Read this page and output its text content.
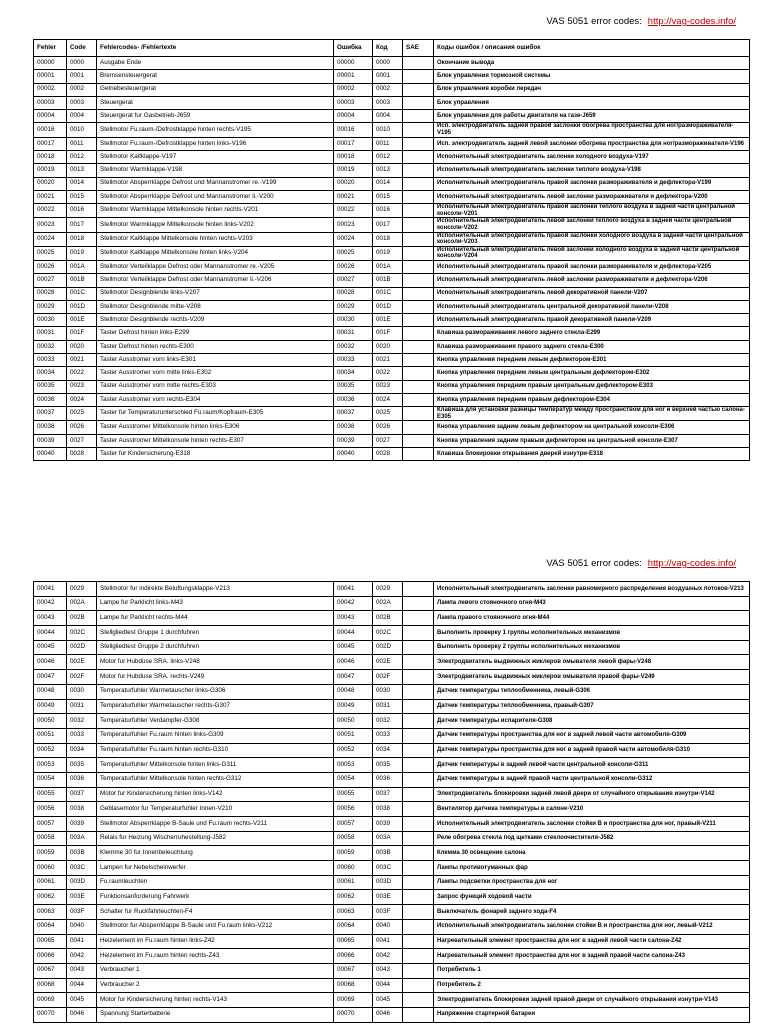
VAS 5051 error codes: http://vag-codes.info/
Fehler	Code	Fehlercodes- /Fehlertexte	Ошибка	Код	SAE	Коды ошибок / описания ошибок
00000	0000	Ausgabe Ende	00000	0000		Окончание вывода
00001	0001	Bremsensteuergerat	00001	0001		Блок управления тормозной системы
00002	0002	Getriebesteuergerat	00002	0002		Блок управления коробки передач
00003	0003	Steuergerat	00003	0003		Блок управления
00004	0004	Steuergerat fur Gasbetrieb-J659	00004	0004		Блок управления для работы двигателя на газе-J659
00016	0010	Stellmotor Fu.raum-/Defrostklappe hinten rechts-V195	00016	0010		Исп. электродвигатель задней правой заслонки обогрева пространства для ног/размораживателя-V195
00017	0011	Stellmotor Fu.raum-/Defrostklappe hinten links-V196	00017	0011		Исп. электродвигатель задней левой заслонки обогрева пространства для ног/размораживателя-V196
00018	0012	Stellmotor Kaltklappe-V197	00018	0012		Исполнительный электродвигатель заслонки холодного воздуха-V197
00019	0013	Stellmotor Warmklappe-V198	00019	0013		Исполнительный электродвигатель заслонки теплого воздуха-V198
00020	0014	Stellmotor Absperrklappe Defrost und Mannanstromer re.-V199	00020	0014		Исполнительный электродвигатель правой заслонки размораживателя и дефлектора-V199
00021	0015	Stellmotor Absperrklappe Defrost und Mannanstromer li.-V200	00021	0015		Исполнительный электродвигатель левой заслонки размораживателя и дефлектора-V200
00022	0016	Stellmotor Warmklappe Mittelkonsole hinten rechts-V201	00022	0016		Исполнительный электродвигатель правой заслонки теплого воздуха в задней части центральной консоли-V201
00023	0017	Stellmotor Warmklappe Mittelkonsole hinten links-V202	00023	0017		Исполнительный электродвигатель левой заслонки теплого воздуха в задней части центральной консоли-V202
00024	0018	Stellmotor Kaltklappe Mittelkonsole hinten rechts-V203	00024	0018		Исполнительный электродвигатель правой заслонки холодного воздуха в задней части центральной консоли-V203
00025	0019	Stellmotor Kaltklappe Mittelkonsole hinten links-V204	00025	0019		Исполнительный электродвигатель левой заслонки холодного воздуха в задней части центральной консоли-V204
00026	001A	Stellmotor Verteilklappe Defrost oder Mannanstromer re.-V205	00026	001A		Исполнительный электродвигатель правой заслонки размораживателя и дефлектора-V205
00027	001B	Stellmotor Verteilklappe Defrost oder Mannanstromer li.-V206	00027	001B		Исполнительный электродвигатель левой заслонки размораживателя и дефлектора-V206
00028	001C	Stellmotor Designblende links-V207	00028	001C		Исполнительный электродвигатель левой декоративной панели-V207
00029	001D	Stellmotor Designblende mitte-V208	00029	001D		Исполнительный электродвигатель центральной декоративной панели-V208
00030	001E	Stellmotor Designblende rechts-V209	00030	001E		Исполнительный электродвигатель правой декоративной панели-V209
00031	001F	Taster Defrost hinten links-E299	00031	001F		Клавиша размораживания левого заднего стекла-E299
00032	0020	Taster Defrost hinten rechts-E300	00032	0020		Клавиша размораживания правого заднего стекла-E300
00033	0021	Taster Ausstromer vorn links-E301	00033	0021		Кнопка управления передним левым дефлектором-E301
00034	0022	Taster Ausstromer vorn mitte links-E302	00034	0022		Кнопка управления передним левым центральным дефлектором-E302
00035	0023	Taster Ausstromer vorn mitte rechts-E303	00035	0023		Кнопка управления передним правым центральным дефлектором-E303
00036	0024	Taster Ausstromer vorn rechts-E304	00036	0024		Кнопка управления передним правым дефлектором-E304
00037	0025	Taster fur Temperaturunterschied Fu.raum/Kopfraum-E305	00037	0025		Клавиша для установки разницы температур между пространством для ног и верхней частью салона-E305
00038	0026	Taster Ausstromer Mittelkonsole hinten links-E306	00038	0026		Кнопка управления задним левым дефлектором на центральной консоли-E306
00039	0027	Taster Ausstromer Mittelkonsole hinten rechts-E307	00039	0027		Кнопка управления задним правым дефлектором на центральной консоли-E307
00040	0028	Taster fur Kindersicherung-E318	00040	0028		Клавиша блокировки открывания дверей изнутри-E318
VAS 5051 error codes: http://vag-codes.info/
00041	0029	Stellmotor fur indirekte Beluftungsklappe-V213	00041	0029		Исполнительный электродвигатель заслонки равномерного распределения воздушных потоков-V213
00042	002A	Lampe fur Parklicht links-M43	00042	002A		Лампа левого стояночного огня-M43
00043	002B	Lampe fur Parklicht rechts-M44	00043	002B		Лампа правого стояночного огня-M44
00044	002C	Stellgliedtest Gruppe 1 durchfuhren	00044	002C		Выполнить проверку 1 группы исполнительных механизмов
00045	002D	Stellgliedtest Gruppe 2 durchfuhren	00045	002D		Выполнить проверку 2 группы исполнительных механизмов
00046	002E	Motor fur Hubduse SRA. links-V248	00046	002E		Электродвигатель выдвижных жиклеров омывателя левой фары-V248
00047	002F	Motor fur Hubduse SRA. rechts-V249	00047	002F		Электродвигатель выдвижных жиклеров омывателя правой фары-V249
00048	0030	Temperaturfuhler Warmetauscher links-G306	00048	0030		Датчик температуры теплообменника, левый-G306
00049	0031	Temperaturfuhler Warmetauscher rechts-G307	00049	0031		Датчик температуры теплообменника, правый-G307
00050	0032	Temperaturfuhler Verdampfer-G308	00050	0032		Датчик температуры испарителя-G308
00051	0033	Temperaturfuhler Fu.raum hinten links-G309	00051	0033		Датчик температуры пространства для ног в задней левой части автомобиля-G309
00052	0034	Temperaturfuhler Fu.raum hinten rechts-G310	00052	0034		Датчик температуры пространства для ног в задней правой части автомобиля-G310
00053	0035	Temperaturfuhler Mittelkonsole hinten links-G311	00053	0035		Датчик температуры в задней левой части центральной консоли-G311
00054	0036	Temperaturfuhler Mittelkonsole hinten rechts-G312	00054	0036		Датчик температуры в задней правой части центральной консоли-G312
00055	0037	Motor fur Kindersicherung hinten links-V142	00055	0037		Электродвигатель блокировки задней левой двери от случайного открывания изнутри-V142
00056	0038	Geblasemotor fur Temperaturfuhler Innen-V210	00056	0038		Вентилятор датчика температуры в салоне-V210
00057	0039	Stellmotor Absperrklappe B-Saule und Fu.raum rechts-V211	00057	0039		Исполнительный электродвигатель заслонки стойки B и пространства для ног, правый-V211
00058	003A	Relais fur Heizung Wischerruhestellung-J582	00058	003A		Реле обогрева стекла под щетками стеклоочистителя-J582
00059	003B	Klemme 30 fur Innenbeleuchtung	00059	003B		Клемма 30 освещение салона
00060	003C	Lampen fur Nebelscheinwerfer	00060	003C		Лампы противотуманных фар
00061	003D	Fu.raumleuchten	00061	003D		Лампы подсветки пространства для ног
00062	003E	Funktionsanforderung Fahrwerk	00062	003E		Запрос функций ходовой части
00063	003F	Schalter fur Ruckfahrleuchten-F4	00063	003F		Выключатель фонарей заднего хода-F4
00064	0040	Stellmotor fur Absperrklappe B-Saule und Fu.raum links-V212	00064	0040		Исполнительный электродвигатель заслонки стойки B и пространства для ног, левый-V212
00065	0041	Heizelement im Fu.raum hinten links-Z42	00065	0041		Нагревательный элемент пространства для ног в задней левой части салона-Z42
00066	0042	Heizelement im Fu.raum hinten rechts-Z43	00066	0042		Нагревательный элемент пространства для ног в задней правой части салона-Z43
00067	0043	Verbraucher 1	00067	0043		Потребитель 1
00068	0044	Verbraucher 2	00068	0044		Потребитель 2
00069	0045	Motor fur Kindersicherung hinten rechts-V143	00069	0045		Электродвигатель блокировки задней правой двери от случайного открывания изнутри-V143
00070	0046	Spannung Starterbatterie	00070	0046		Напряжение стартерной батареи
